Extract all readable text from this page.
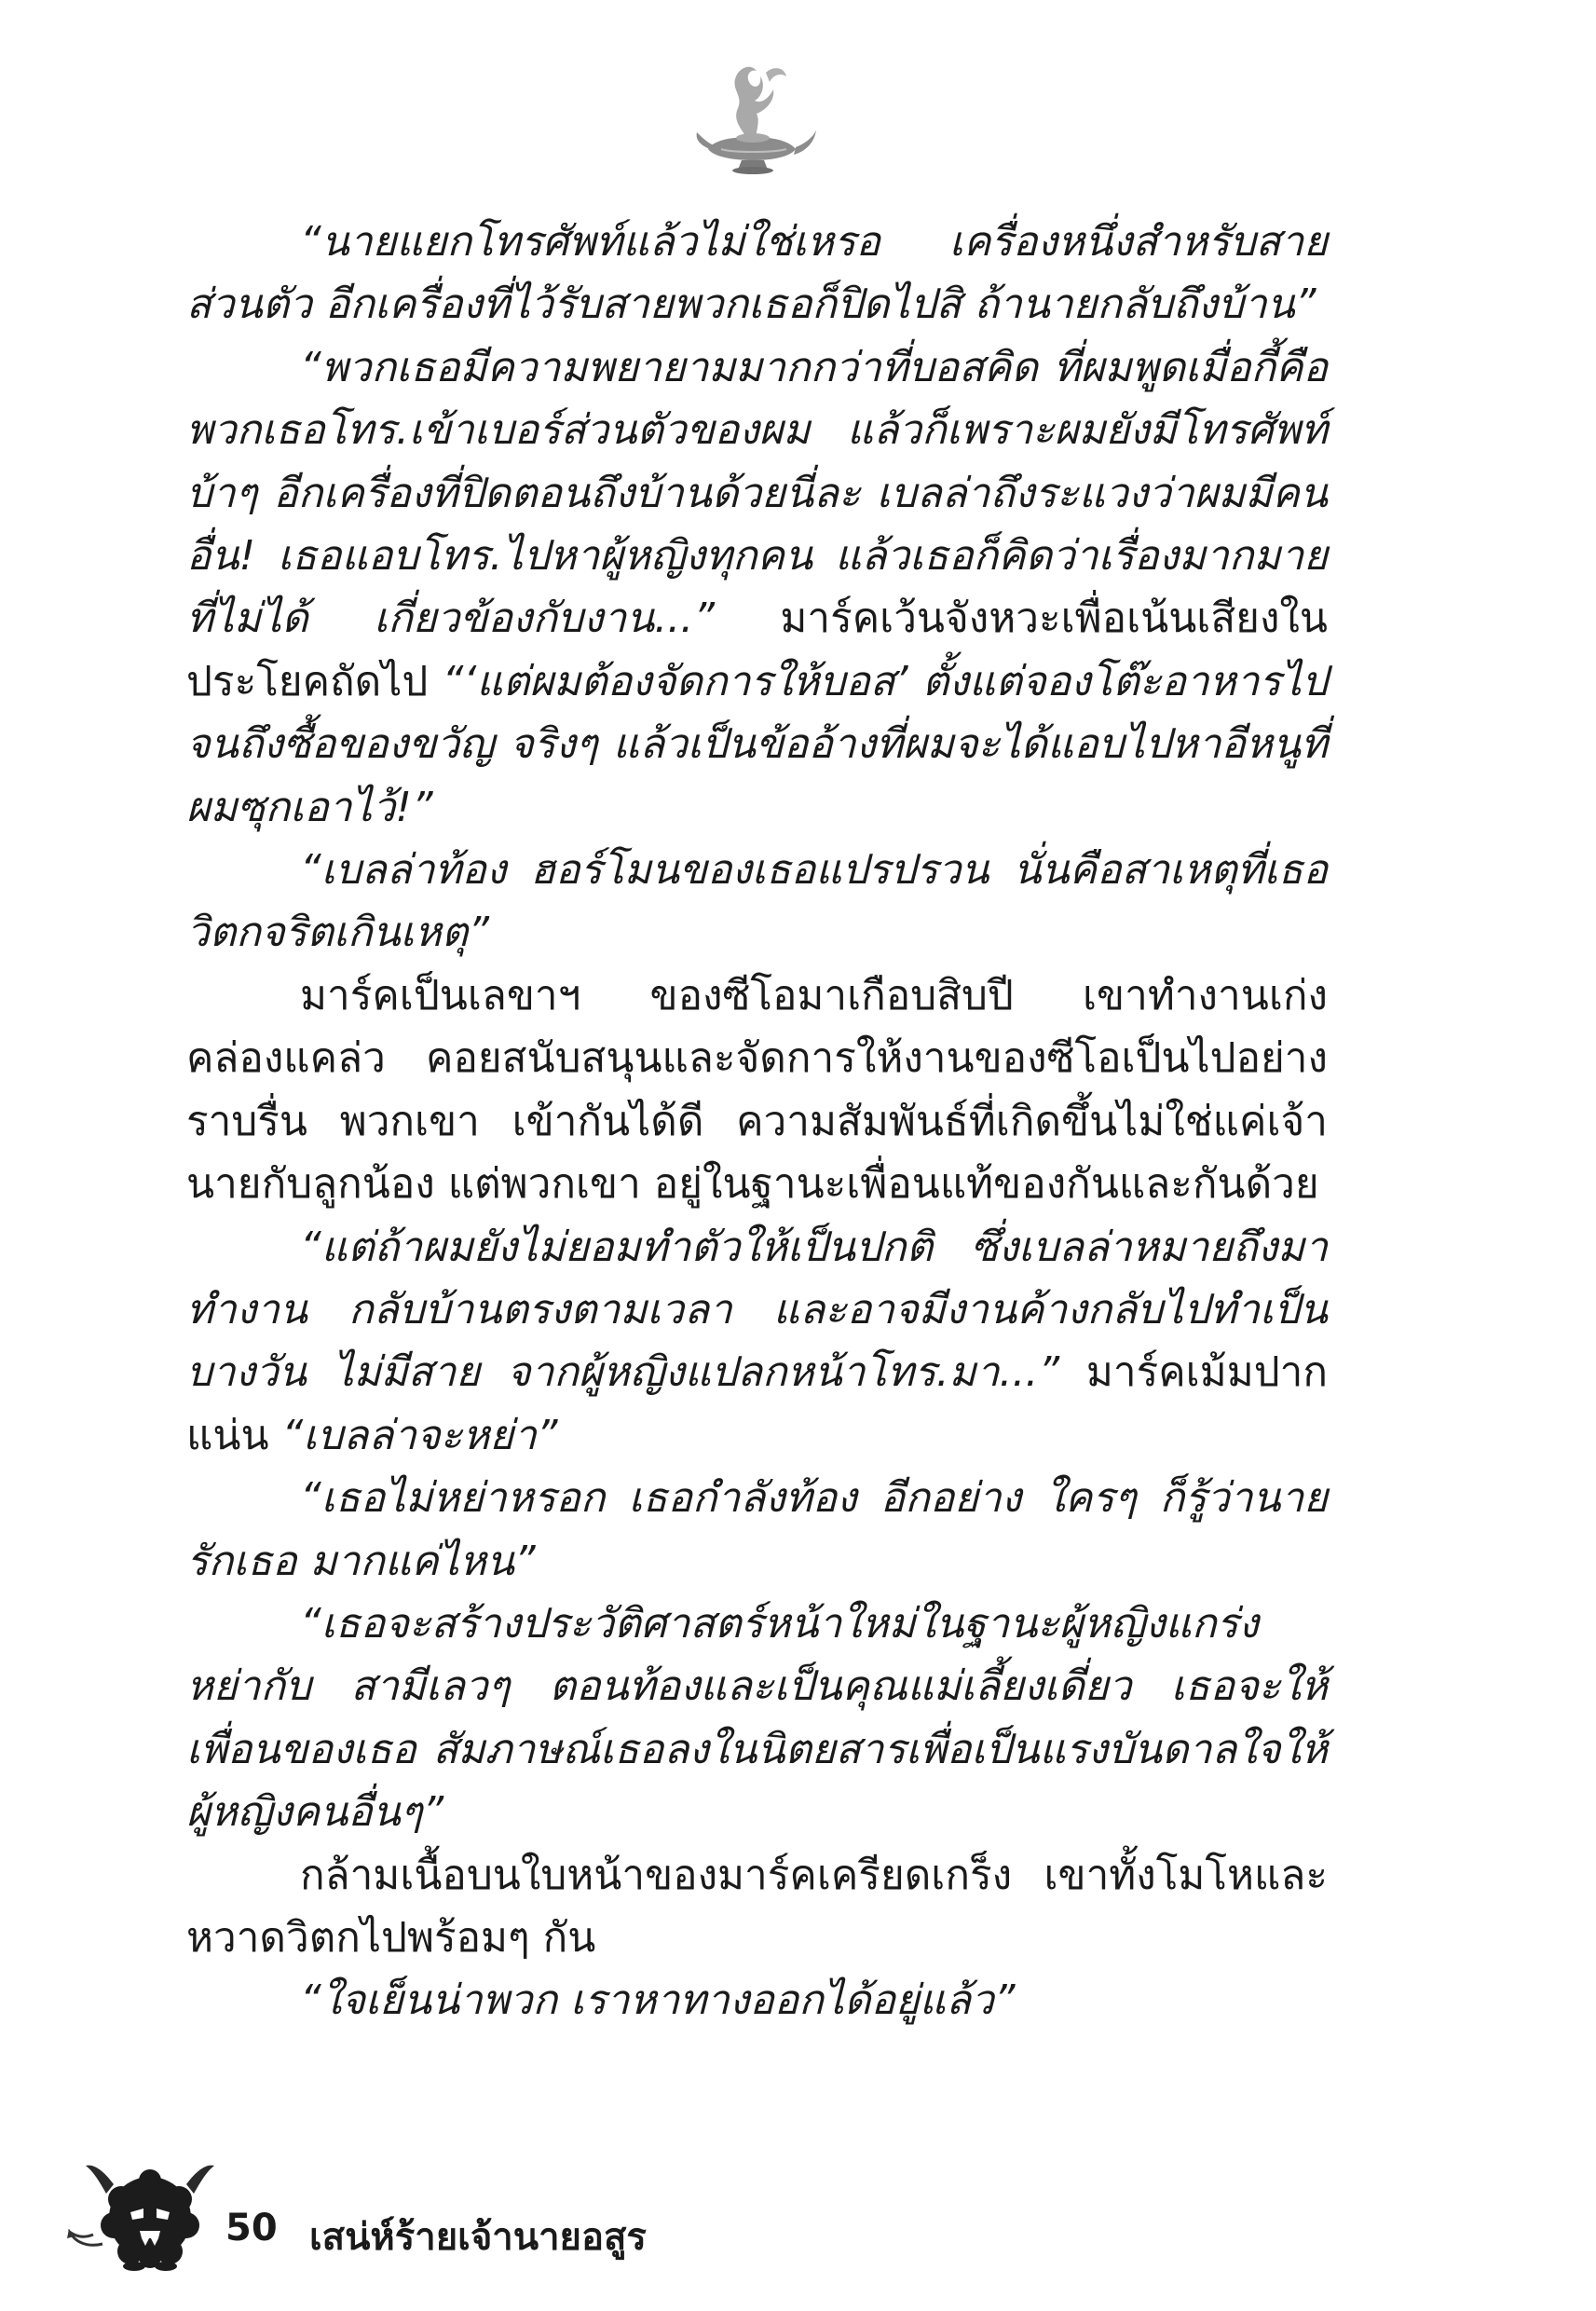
“นายแยกโทรศัพท์แล้วไม่ใช่เหรอ เครื่องหนึ่งสำหรับสายส่วนตัว อีกเครื่องที่ไว้รับสายพวกเธอก็ปิดไปสิ ถ้านายกลับถึงบ้าน”

“พวกเธอมีความพยายามมากกว่าที่บอสคิด ที่ผมพูดเมื่อกี้คือ พวกเธอโทร.เข้าเบอร์ส่วนตัวของผม แล้วก็เพราะผมยังมีโทรศัพท์บ้าๆ อีกเครื่องที่ปิดตอนถึงบ้านด้วยนี่ละ เบลล่าถึงระแวงว่าผมมีคนอื่น! เธอแอบโทร.ไปหาผู้หญิงทุกคน แล้วเธอก็คิดว่าเรื่องมากมายที่ไม่ได้ เกี่ยวข้องกับงาน...” มาร์คเว้นจังหวะเพื่อเน้นเสียงในประโยคถัดไป “‘แต่ผมต้องจัดการให้บอส’ ตั้งแต่จองโต๊ะอาหารไปจนถึงซื้อของขวัญ จริงๆ แล้วเป็นข้ออ้างที่ผมจะได้แอบไปหาอีหนูที่ผมซุกเอาไว้!”

“เบลล่าท้อง ฮอร์โมนของเธอแปรปรวน นั่นคือสาเหตุที่เธอ วิตกจริตเกินเหตุ”

มาร์คเป็นเลขาฯ ของซีโอมาเกือบสิบปี เขาทำงานเก่ง คล่องแคล่ว คอยสนับสนุนและจัดการให้งานของซีโอเป็นไปอย่างราบรื่น พวกเขา เข้ากันได้ดี ความสัมพันธ์ที่เกิดขึ้นไม่ใช่แค่เจ้านายกับลูกน้อง แต่พวกเขา อยู่ในฐานะเพื่อนแท้ของกันและกันด้วย

“แต่ถ้าผมยังไม่ยอมทำตัวให้เป็นปกติ ซึ่งเบลล่าหมายถึงมาทำงาน กลับบ้านตรงตามเวลา และอาจมีงานค้างกลับไปทำเป็นบางวัน ไม่มีสาย จากผู้หญิงแปลกหน้าโทร.มา...” มาร์คเม้มปากแน่น “เบลล่าจะหย่า”

“เธอไม่หย่าหรอก เธอกำลังท้อง อีกอย่าง ใครๆ ก็รู้ว่านายรักเธอ มากแค่ไหน”

“เธอจะสร้างประวัติศาสตร์หน้าใหม่ในฐานะผู้หญิงแกร่ง หย่ากับ สามีเลวๆ ตอนท้องและเป็นคุณแม่เลี้ยงเดี่ยว เธอจะให้เพื่อนของเธอ สัมภาษณ์เธอลงในนิตยสารเพื่อเป็นแรงบันดาลใจให้ผู้หญิงคนอื่นๆ”

กล้ามเนื้อบนใบหน้าของมาร์คเครียดเกร็ง เขาทั้งโมโหและ หวาดวิตกไปพร้อมๆ กัน

“ใจเย็นน่าพวก เราหาทางออกได้อยู่แล้ว”

50 เสน่ห์ร้ายเจ้านายอสูร
